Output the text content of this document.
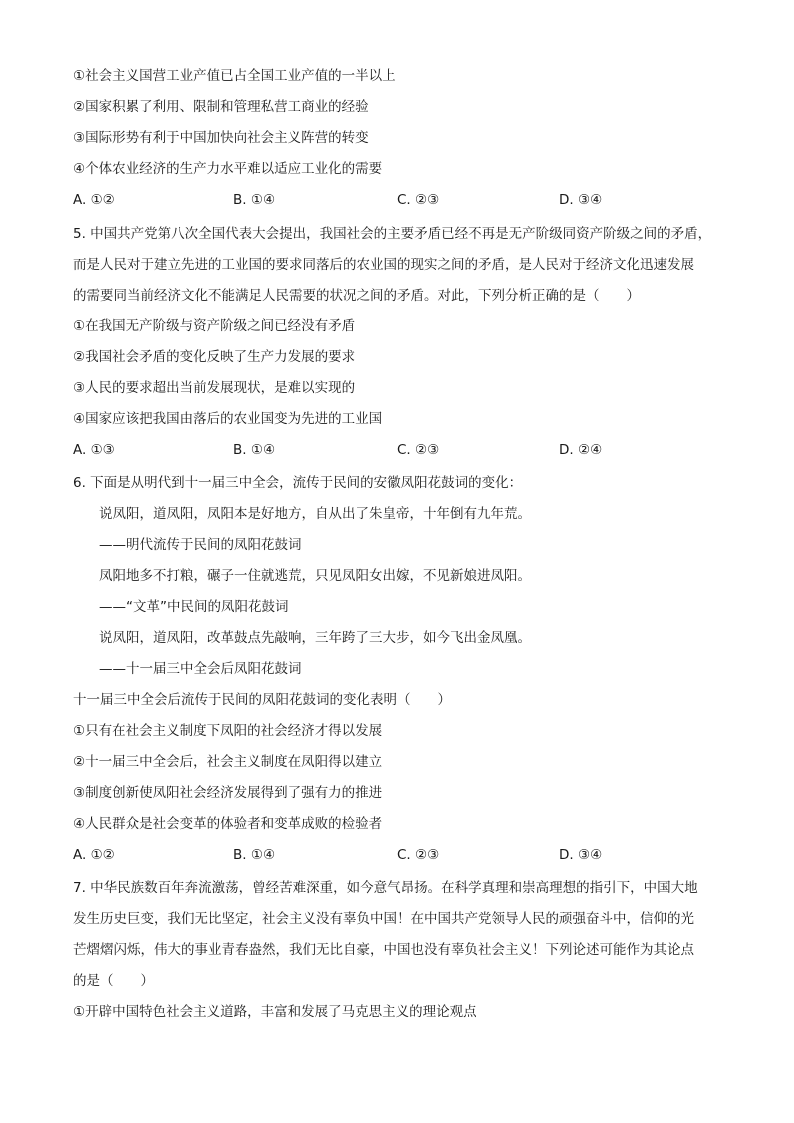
①社会主义国营工业产值已占全国工业产值的一半以上
②国家积累了利用、限制和管理私营工商业的经验
③国际形势有利于中国加快向社会主义阵营的转变
④个体农业经济的生产力水平难以适应工业化的需要
A. ①②	B. ①④	C. ②③	D. ③④
5. 中国共产党第八次全国代表大会提出，我国社会的主要矛盾已经不再是无产阶级同资产阶级之间的矛盾，
而是人民对于建立先进的工业国的要求同落后的农业国的现实之间的矛盾，是人民对于经济文化迅速发展
的需要同当前经济文化不能满足人民需要的状况之间的矛盾。对此，下列分析正确的是（　　）
①在我国无产阶级与资产阶级之间已经没有矛盾
②我国社会矛盾的变化反映了生产力发展的要求
③人民的要求超出当前发展现状，是难以实现的
④国家应该把我国由落后的农业国变为先进的工业国
A. ①③	B. ①④	C. ②③	D. ②④
6. 下面是从明代到十一届三中全会，流传于民间的安徽凤阳花鼓词的变化：
说凤阳，道凤阳，凤阳本是好地方，自从出了朱皇帝，十年倒有九年荒。
——明代流传于民间的凤阳花鼓词
凤阳地多不打粮，碾子一住就逃荒，只见凤阳女出嫁，不见新娘进凤阳。
——“文革”中民间的凤阳花鼓词
说凤阳，道凤阳，改革鼓点先敲响，三年跨了三大步，如今飞出金凤凰。
——十一届三中全会后凤阳花鼓词
十一届三中全会后流传于民间的凤阳花鼓词的变化表明（　　）
①只有在社会主义制度下凤阳的社会经济才得以发展
②十一届三中全会后，社会主义制度在凤阳得以建立
③制度创新使凤阳社会经济发展得到了强有力的推进
④人民群众是社会变革的体验者和变革成败的检验者
A. ①②	B. ①④	C. ②③	D. ③④
7. 中华民族数百年奔流激荡，曾经苦难深重，如今意气昂扬。在科学真理和崇高理想的指引下，中国大地
发生历史巨变，我们无比坚定，社会主义没有辜负中国！在中国共产党领导人民的顽强奋斗中，信仰的光
芒熠熠闪烁，伟大的事业青春盎然，我们无比自豪，中国也没有辜负社会主义！下列论述可能作为其论点
的是（　　）
①开辟中国特色社会主义道路，丰富和发展了马克思主义的理论观点
